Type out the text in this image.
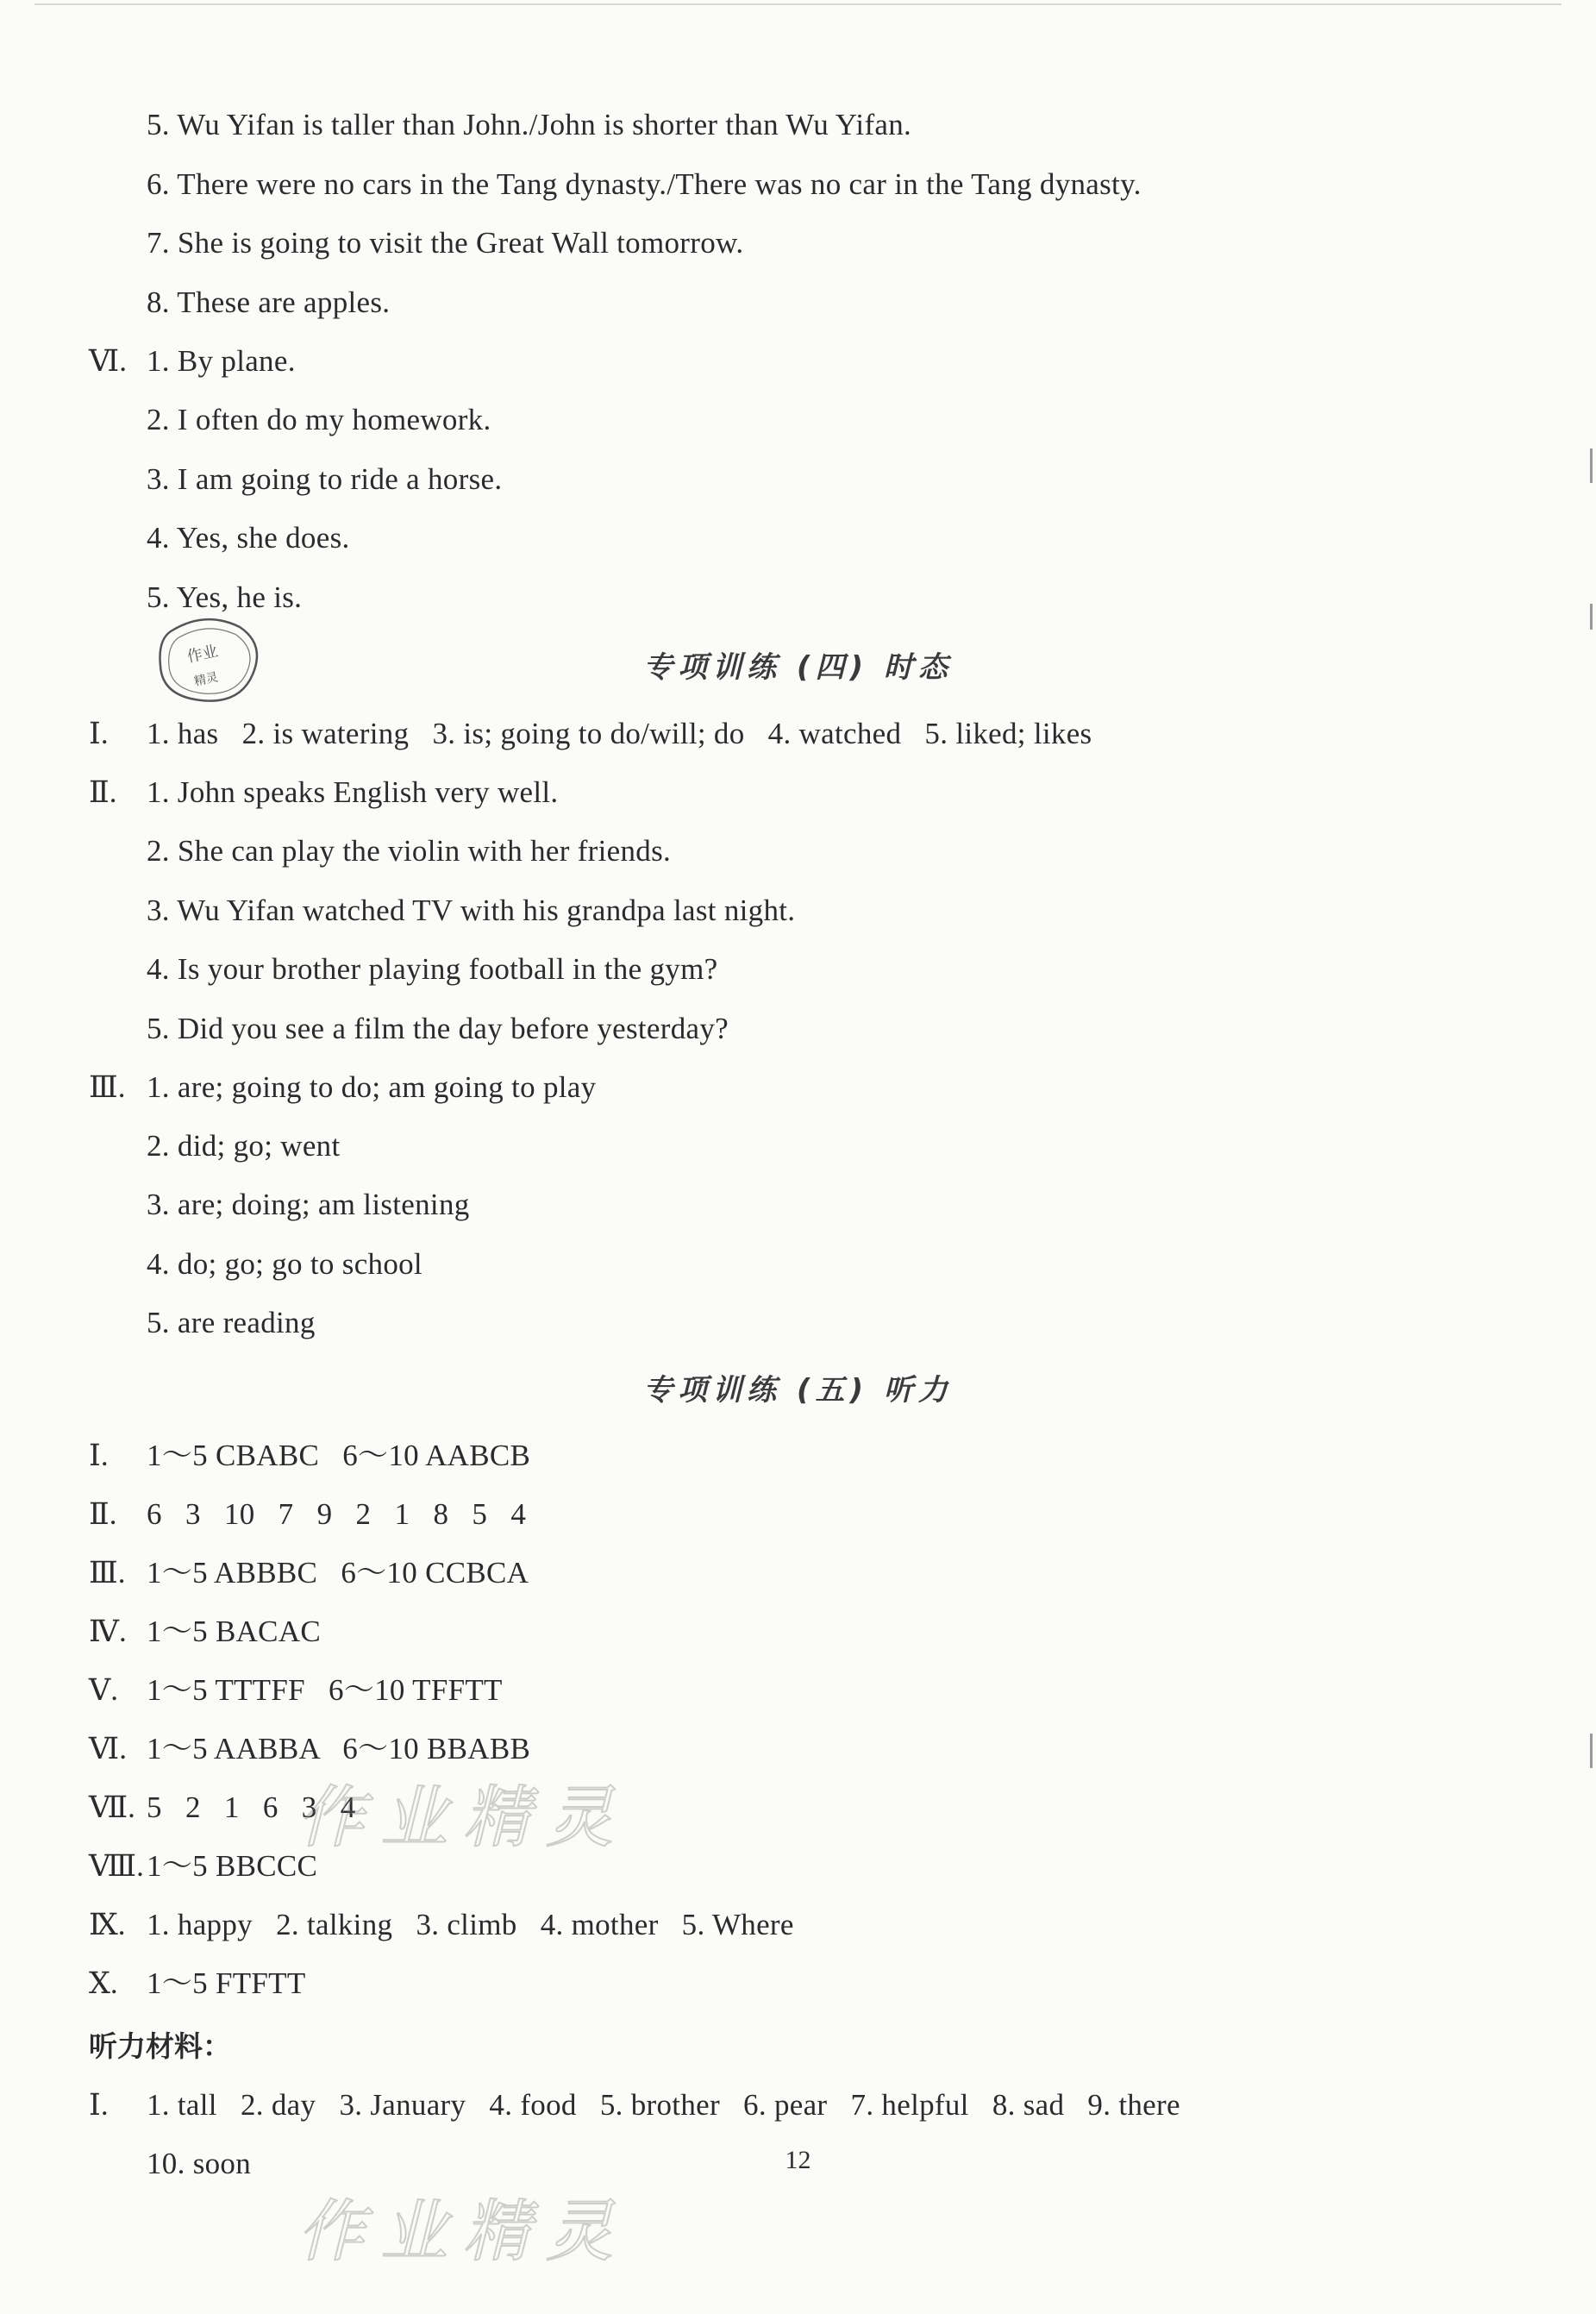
5. Wu Yifan is taller than John./John is shorter than Wu Yifan.
6. There were no cars in the Tang dynasty./There was no car in the Tang dynasty.
7. She is going to visit the Great Wall tomorrow.
8. These are apples.
Ⅵ. 1. By plane.
2. I often do my homework.
3. I am going to ride a horse.
4. Yes, she does.
5. Yes, he is.
作业
精灵	专项训练 (四) 时态
Ⅰ. 1. has   2. is watering   3. is; going to do/will; do   4. watched   5. liked; likes
Ⅱ. 1. John speaks English very well.
2. She can play the violin with her friends.
3. Wu Yifan watched TV with his grandpa last night.
4. Is your brother playing football in the gym?
5. Did you see a film the day before yesterday?
Ⅲ. 1. are; going to do; am going to play
2. did; go; went
3. are; doing; am listening
4. do; go; go to school
5. are reading
专项训练 (五) 听力
Ⅰ. 1～5 CBABC   6～10 AABCB
Ⅱ. 6   3   10   7   9   2   1   8   5   4
Ⅲ. 1～5 ABBBC   6～10 CCBCA
Ⅳ. 1～5 BACAC
Ⅴ. 1～5 TTTFF   6～10 TFFTT
Ⅵ. 1～5 AABBA   6～10 BBABB
Ⅶ. 5   2   1   6   3   4
Ⅷ. 1～5 BBCCC
Ⅸ. 1. happy   2. talking   3. climb   4. mother   5. Where
Ⅹ. 1～5 FTFTT
听力材料：
Ⅰ. 1. tall   2. day   3. January   4. food   5. brother   6. pear   7. helpful   8. sad   9. there
10. soon
作业精灵
作业精灵
12
